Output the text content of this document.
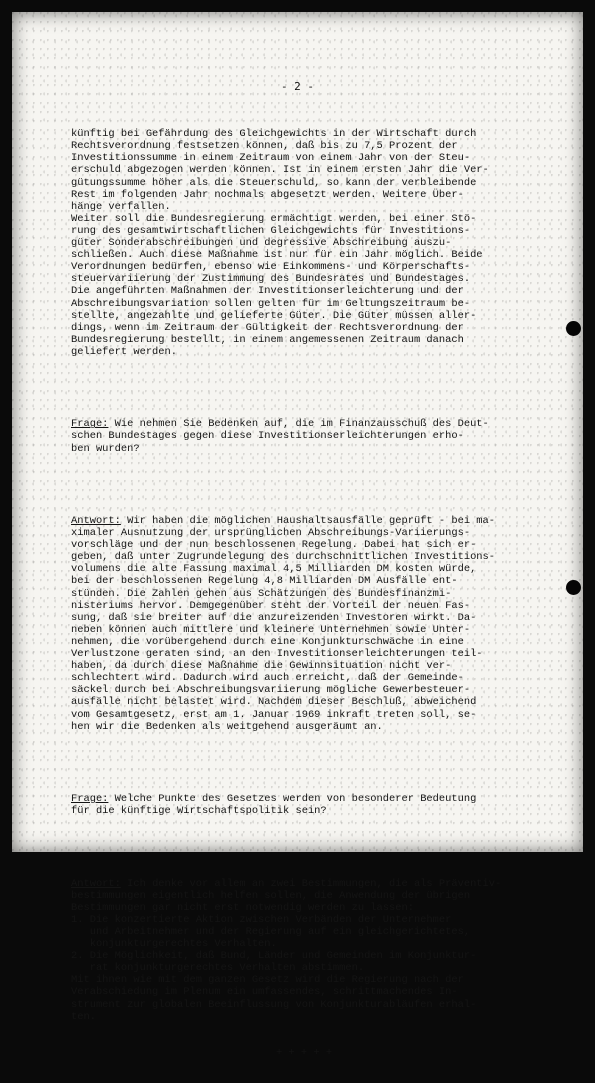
- 2 -

künftig bei Gefährdung des Gleichgewichts in der Wirtschaft durch
Rechtsverordnung festsetzen können, daß bis zu 7,5 Prozent der
Investitionssumme in einem Zeitraum von einem Jahr von der Steu-
erschuld abgezogen werden können. Ist in einem ersten Jahr die Ver-
gütungssumme höher als die Steuerschuld, so kann der verbleibende
Rest im folgenden Jahr nochmals abgesetzt werden. Weitere Über-
hänge verfallen.
Weiter soll die Bundesregierung ermächtigt werden, bei einer Stö-
rung des gesamtwirtschaftlichen Gleichgewichts für Investitions-
güter Sonderabschreibungen und degressive Abschreibung auszu-
schließen. Auch diese Maßnahme ist nur für ein Jahr möglich. Beide
Verordnungen bedürfen, ebenso wie Einkommens- und Körperschafts-
steuervariierung der Zustimmung des Bundesrates und Bundestages.
Die angeführten Maßnahmen der Investitionserleichterung und der
Abschreibungsvariation sollen gelten für im Geltungszeitraum be-
stellte, angezahlte und gelieferte Güter. Die Güter müssen aller-
dings, wenn im Zeitraum der Gültigkeit der Rechtsverordnung der
Bundesregierung bestellt, in einem angemessenen Zeitraum danach
geliefert werden.

Frage: Wie nehmen Sie Bedenken auf, die im Finanzausschuß des Deut-
schen Bundestages gegen diese Investitionserleichterungen erho-
ben wurden?

Antwort: Wir haben die möglichen Haushaltsausfälle geprüft - bei ma-
ximaler Ausnutzung der ursprünglichen Abschreibungs-Variierungs-
vorschläge und der nun beschlossenen Regelung. Dabei hat sich er-
geben, daß unter Zugrundelegung des durchschnittlichen Investitions-
volumens die alte Fassung maximal 4,5 Milliarden DM kosten würde,
bei der beschlossenen Regelung 4,8 Milliarden DM Ausfälle ent-
stünden. Die Zahlen gehen aus Schätzungen des Bundesfinanzmi-
nisteriums hervor. Demgegenüber steht der Vorteil der neuen Fas-
sung, daß sie breiter auf die anzureizenden Investoren wirkt. Da-
neben können auch mittlere und kleinere Unternehmen sowie Unter-
nehmen, die vorübergehend durch eine Konjunkturschwäche in eine
Verlustzone geraten sind, an den Investitionserleichterungen teil-
haben, da durch diese Maßnahme die Gewinnsituation nicht ver-
schlechtert wird. Dadurch wird auch erreicht, daß der Gemeinde-
säckel durch bei Abschreibungsvariierung mögliche Gewerbesteuer-
ausfälle nicht belastet wird. Nachdem dieser Beschluß, abweichend
vom Gesamtgesetz, erst am 1. Januar 1969 inkraft treten soll, se-
hen wir die Bedenken als weitgehend ausgeräumt an.

Frage: Welche Punkte des Gesetzes werden von besonderer Bedeutung
für die künftige Wirtschaftspolitik sein?

Antwort: Ich denke vor allem an zwei Bestimmungen, die als Präventiv-
bestimmungen eigentlich helfen sollen, die Anwendung der übrigen
Bestimmungen gar nicht erst notwendig werden zu lassen:
1. Die konzertierte Aktion zwischen Verbänden der Unternehmer
und Arbeitnehmer und der Regierung auf ein gleichgerichtetes,
konjunkturgerechtes Verhalten.
2. Die Möglichkeit, daß Bund, Länder und Gemeinden im Konjunktur-
rat konjunkturgerechtes Verhalten abstimmen.
Mit ihnen wie mit dem ganzen Gesetz wird die Regierung nach der
Verabschiedung im Plenum ein umfassendes, schrittmachendes In-
strument zur globalen Beeinflussung von Konjunkturabläufen erhal-
ten.

+ + + + +
